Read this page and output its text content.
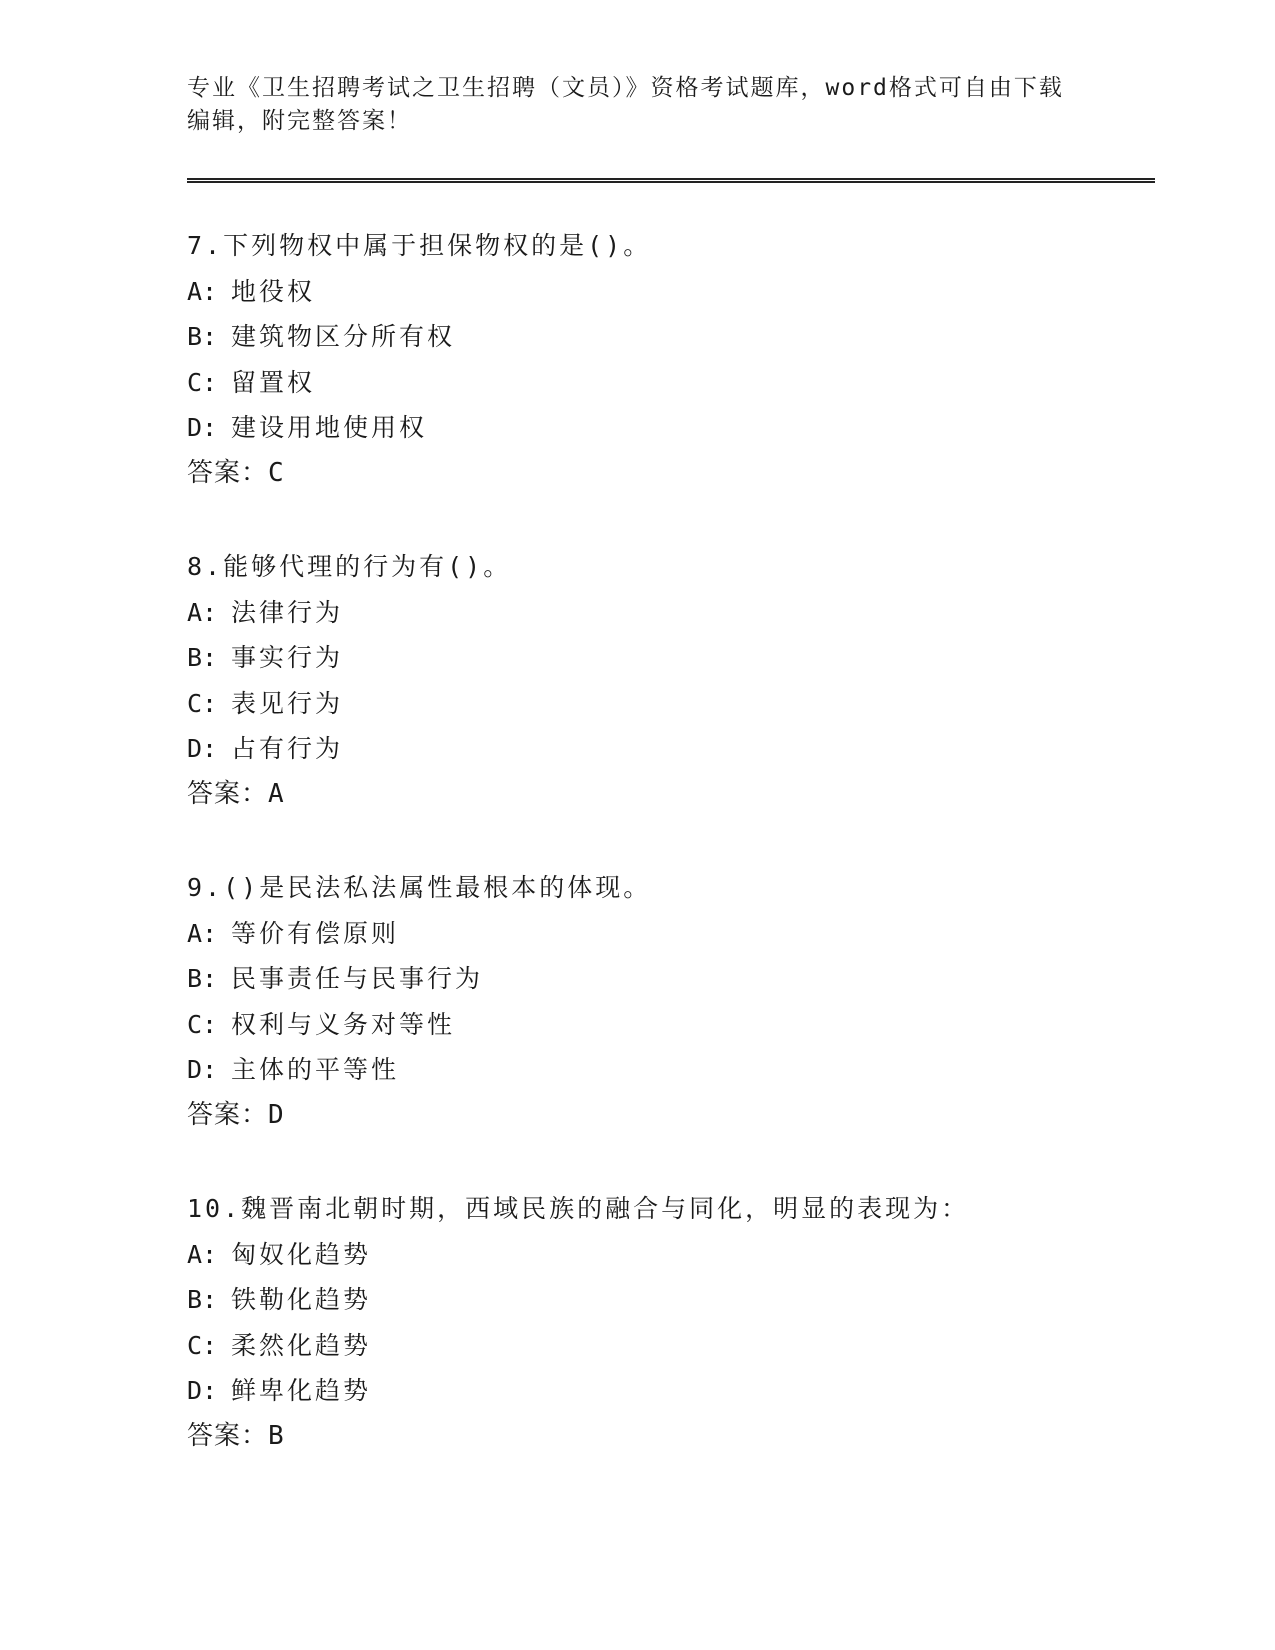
专业《卫生招聘考试之卫生招聘（文员）》资格考试题库，word格式可自由下载
编辑，附完整答案！
7.下列物权中属于担保物权的是()。
A: 地役权
B: 建筑物区分所有权
C: 留置权
D: 建设用地使用权
答案：C
8.能够代理的行为有()。
A: 法律行为
B: 事实行为
C: 表见行为
D: 占有行为
答案：A
9.()是民法私法属性最根本的体现。
A: 等价有偿原则
B: 民事责任与民事行为
C: 权利与义务对等性
D: 主体的平等性
答案：D
10.魏晋南北朝时期，西域民族的融合与同化，明显的表现为：
A: 匈奴化趋势
B: 铁勒化趋势
C: 柔然化趋势
D: 鲜卑化趋势
答案：B
